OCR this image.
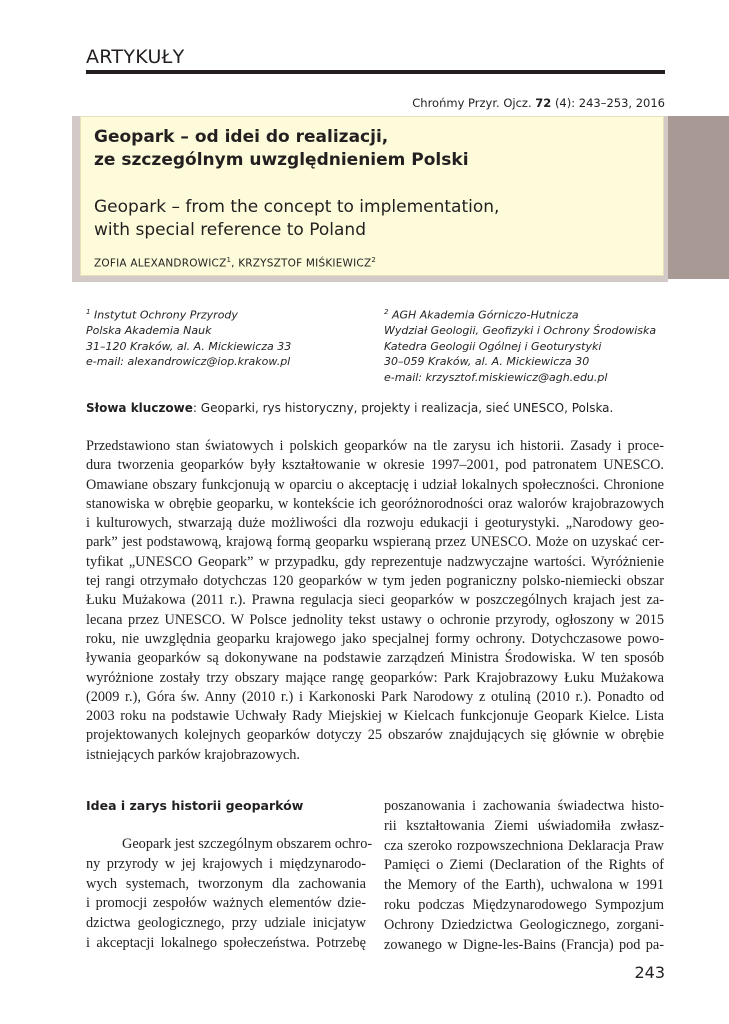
ARTYKUŁY
Chrońmy Przyr. Ojcz. 72 (4): 243–253, 2016
Geopark – od idei do realizacji,
ze szczególnym uwzględnieniem Polski
Geopark – from the concept to implementation,
with special reference to Poland
ZOFIA ALEXANDROWICZ$^1$, KRZYSZTOF MIŚKIEWICZ$^2$
$^1$ Instytut Ochrony Przyrody
Polska Akademia Nauk
31–120 Kraków, al. A. Mickiewicza 33
e-mail: alexandrowicz@iop.krakow.pl
$^2$ AGH Akademia Górniczo-Hutnicza
Wydział Geologii, Geofizyki i Ochrony Środowiska
Katedra Geologii Ogólnej i Geoturystyki
30–059 Kraków, al. A. Mickiewicza 30
e-mail: krzysztof.miskiewicz@agh.edu.pl
Słowa kluczowe: Geoparki, rys historyczny, projekty i realizacja, sieć UNESCO, Polska.
Przedstawiono stan światowych i polskich geoparków na tle zarysu ich historii. Zasady i proce-
dura tworzenia geoparków były kształtowanie w okresie 1997–2001, pod patronatem UNESCO.
Omawiane obszary funkcjonują w oparciu o akceptację i udział lokalnych społeczności. Chronione
stanowiska w obrębie geoparku, w kontekście ich georóżnorodności oraz walorów krajobrazowych
i kulturowych, stwarzają duże możliwości dla rozwoju edukacji i geoturystyki. „Narodowy geo-
park” jest podstawową, krajową formą geoparku wspieraną przez UNESCO. Może on uzyskać cer-
tyfikat „UNESCO Geopark” w przypadku, gdy reprezentuje nadzwyczajne wartości. Wyróżnienie
tej rangi otrzymało dotychczas 120 geoparków w tym jeden pograniczny polsko-niemiecki obszar
Łuku Mużakowa (2011 r.). Prawna regulacja sieci geoparków w poszczególnych krajach jest za-
lecana przez UNESCO. W Polsce jednolity tekst ustawy o ochronie przyrody, ogłoszony w 2015
roku, nie uwzględnia geoparku krajowego jako specjalnej formy ochrony. Dotychczasowe powo-
ływania geoparków są dokonywane na podstawie zarządzeń Ministra Środowiska. W ten sposób
wyróżnione zostały trzy obszary mające rangę geoparków: Park Krajobrazowy Łuku Mużakowa
(2009 r.), Góra św. Anny (2010 r.) i Karkonoski Park Narodowy z otuliną (2010 r.). Ponadto od
2003 roku na podstawie Uchwały Rady Miejskiej w Kielcach funkcjonuje Geopark Kielce. Lista
projektowanych kolejnych geoparków dotyczy 25 obszarów znajdujących się głównie w obrębie
istniejących parków krajobrazowych.
Idea i zarys historii geoparków
Geopark jest szczególnym obszarem ochro-
ny przyrody w jej krajowych i międzynarodo-
wych systemach, tworzonym dla zachowania
i promocji zespołów ważnych elementów dzie-
dzictwa geologicznego, przy udziale inicjatyw
i akceptacji lokalnego społeczeństwa. Potrzebę
poszanowania i zachowania świadectwa histo-
rii kształtowania Ziemi uświadomiła zwłasz-
cza szeroko rozpowszechniona Deklaracja Praw
Pamięci o Ziemi (Declaration of the Rights of
the Memory of the Earth), uchwalona w 1991
roku podczas Międzynarodowego Sympozjum
Ochrony Dziedzictwa Geologicznego, zorgani-
zowanego w Digne-les-Bains (Francja) pod pa-
243
